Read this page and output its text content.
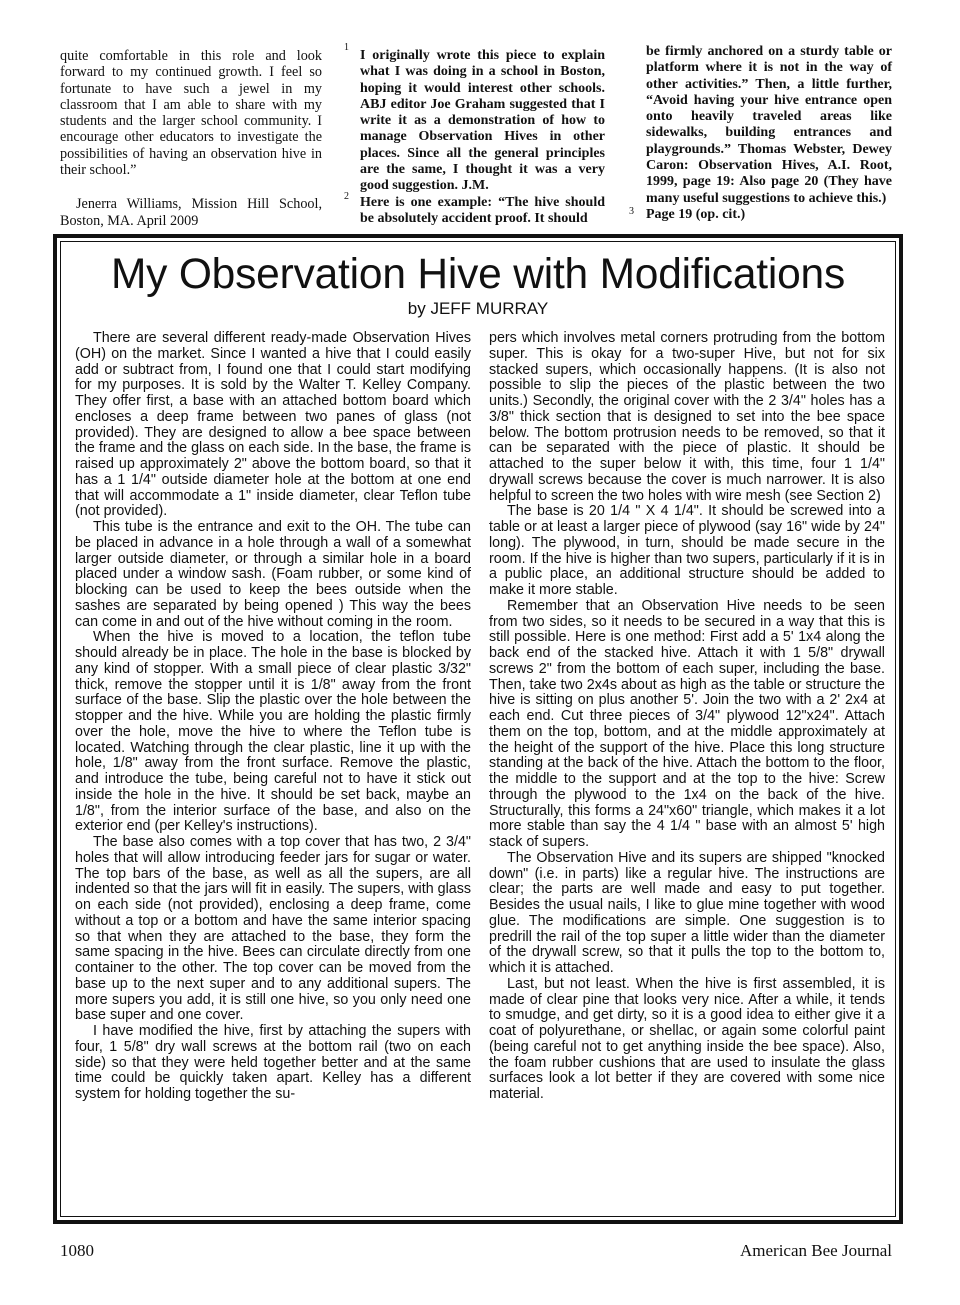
quite comfortable in this role and look forward to my continued growth. I feel so fortunate to have such a jewel in my classroom that I am able to share with my students and the larger school community. I encourage other educators to investigate the possibilities of having an observation hive in their school.”

Jenerra Williams, Mission Hill School, Boston, MA. April 2009

1
I originally wrote this piece to explain what I was doing in a school in Boston, hoping it would interest other schools. ABJ editor Joe Graham suggested that I write it as a demonstration of how to manage Observation Hives in other places. Since all the general principles are the same, I thought it was a very good suggestion. J.M.
2 Here is one example: “The hive should be absolutely accident proof. It should	3
be firmly anchored on a sturdy table or platform where it is not in the way of other activities.” Then, a little further, “Avoid having your hive entrance open onto heavily traveled areas like sidewalks, building entrances and playgrounds.” Thomas Webster, Dewey Caron: Observation Hives, A.I. Root, 1999, page 19: Also page 20 (They have many useful suggestions to achieve this.)
Page 19 (op. cit.)
My Observation Hive with Modifications
by JEFF MURRAY

There are several different ready-made Observation Hives (OH) on the market. Since I wanted a hive that I could easily add or subtract from, I found one that I could start modifying for my purposes. It is sold by the Walter T. Kelley Company. They offer first, a base with an attached bottom board which encloses a deep frame between two panes of glass (not provided). They are designed to allow a bee space between the frame and the glass on each side. In the base, the frame is raised up approximately 2" above the bottom board, so that it has a 1 1/4" outside diameter hole at the bottom at one end that will accommodate a 1" inside diameter, clear Teflon tube (not provided).

This tube is the entrance and exit to the OH. The tube can be placed in advance in a hole through a wall of a somewhat larger outside diameter, or through a similar hole in a board placed under a window sash. (Foam rubber, or some kind of blocking can be used to keep the bees outside when the sashes are separated by being opened ) This way the bees can come in and out of the hive without coming in the room.

When the hive is moved to a location, the teflon tube should already be in place. The hole in the base is blocked by any kind of stopper. With a small piece of clear plastic 3/32" thick, remove the stopper until it is 1/8" away from the front surface of the base. Slip the plastic over the hole between the stopper and the hive. While you are holding the plastic firmly over the hole, move the hive to where the Teflon tube is located. Watching through the clear plastic, line it up with the hole, 1/8" away from the front surface. Remove the plastic, and introduce the tube, being careful not to have it stick out inside the hole in the hive. It should be set back, maybe an 1/8", from the interior surface of the base, and also on the exterior end (per Kelley's instructions).

The base also comes with a top cover that has two, 2 3/4" holes that will allow introducing feeder jars for sugar or water. The top bars of the base, as well as all the supers, are all indented so that the jars will fit in easily. The supers, with glass on each side (not provided), enclosing a deep frame, come without a top or a bottom and have the same interior spacing so that when they are attached to the base, they form the same spacing in the hive. Bees can circulate directly from one container to the other. The top cover can be moved from the base up to the next super and to any additional supers. The more supers you add, it is still one hive, so you only need one base super and one cover.

I have modified the hive, first by attaching the supers with four, 1 5/8" dry wall screws at the bottom rail (two on each side) so that they were held together better and at the same time could be quickly taken apart. Kelley has a different system for holding together the su-

pers which involves metal corners protruding from the bottom super. This is okay for a two-super Hive, but not for six stacked supers, which occasionally happens. (It is also not possible to slip the pieces of the plastic between the two units.) Secondly, the original cover with the 2 3/4" holes has a 3/8" thick section that is designed to set into the bee space below. The bottom protrusion needs to be removed, so that it can be separated with the piece of plastic. It should be attached to the super below it with, this time, four 1 1/4" drywall screws because the cover is much narrower. It is also helpful to screen the two holes with wire mesh (see Section 2)

The base is 20 1/4 " X 4 1/4". It should be screwed into a table or at least a larger piece of plywood (say 16" wide by 24" long). The plywood, in turn, should be made secure in the room. If the hive is higher than two supers, particularly if it is in a public place, an additional structure should be added to make it more stable.

Remember that an Observation Hive needs to be seen from two sides, so it needs to be secured in a way that this is still possible. Here is one method: First add a 5' 1x4 along the back end of the stacked hive. Attach it with 1 5/8" drywall screws 2" from the bottom of each super, including the base. Then, take two 2x4s about as high as the table or structure the hive is sitting on plus another 5'. Join the two with a 2' 2x4 at each end. Cut three pieces of 3/4" plywood 12"x24". Attach them on the top, bottom, and at the middle approximately at the height of the support of the hive. Place this long structure standing at the back of the hive. Attach the bottom to the floor, the middle to the support and at the top to the hive: Screw through the plywood to the 1x4 on the back of the hive. Structurally, this forms a 24"x60" triangle, which makes it a lot more stable than say the 4 1/4 " base with an almost 5' high stack of supers.

The Observation Hive and its supers are shipped "knocked down" (i.e. in parts) like a regular hive. The instructions are clear; the parts are well made and easy to put together. Besides the usual nails, I like to glue mine together with wood glue. The modifications are simple. One suggestion is to predrill the rail of the top super a little wider than the diameter of the drywall screw, so that it pulls the top to the bottom to, which it is attached.

Last, but not least. When the hive is first assembled, it is made of clear pine that looks very nice. After a while, it tends to smudge, and get dirty, so it is a good idea to either give it a coat of polyurethane, or shellac, or again some colorful paint (being careful not to get anything inside the bee space). Also, the foam rubber cushions that are used to insulate the glass surfaces look a lot better if they are covered with some nice material.

1080	American Bee Journal
